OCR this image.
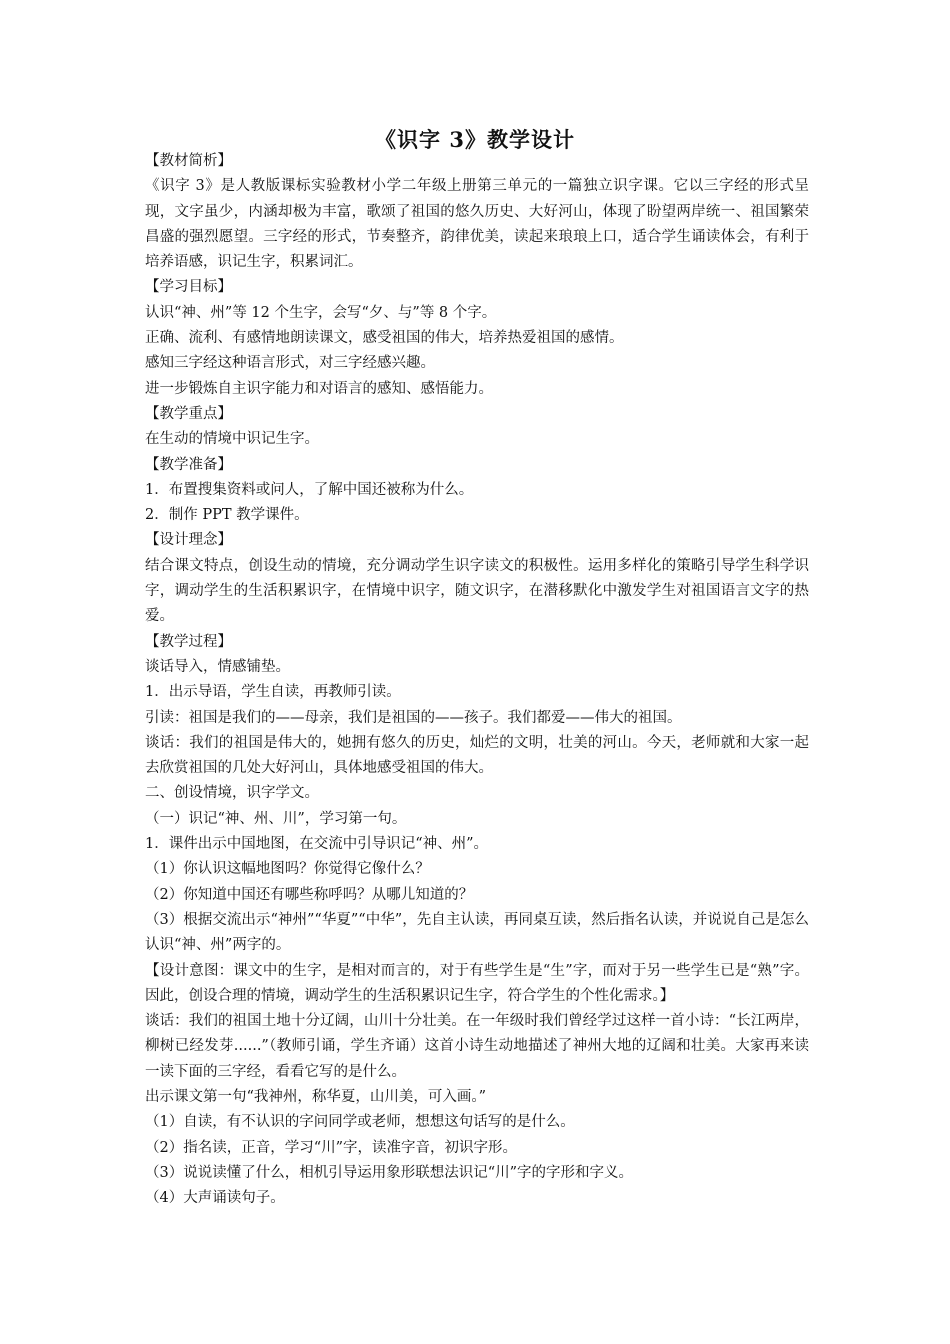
《识字 3》教学设计

【教材简析】

《识字 3》是人教版课标实验教材小学二年级上册第三单元的一篇独立识字课。它以三字经的形式呈现，文字虽少，内涵却极为丰富，歌颂了祖国的悠久历史、大好河山，体现了盼望两岸统一、祖国繁荣昌盛的强烈愿望。三字经的形式，节奏整齐，韵律优美，读起来琅琅上口，适合学生诵读体会，有利于培养语感，识记生字，积累词汇。

【学习目标】

认识“神、州”等 12 个生字，会写“夕、与”等 8 个字。

正确、流利、有感情地朗读课文，感受祖国的伟大，培养热爱祖国的感情。

感知三字经这种语言形式，对三字经感兴趣。

进一步锻炼自主识字能力和对语言的感知、感悟能力。

【教学重点】

在生动的情境中识记生字。

【教学准备】

1．布置搜集资料或问人，了解中国还被称为什么。

2．制作 PPT 教学课件。

【设计理念】

结合课文特点，创设生动的情境，充分调动学生识字读文的积极性。运用多样化的策略引导学生科学识字，调动学生的生活积累识字，在情境中识字，随文识字，在潜移默化中激发学生对祖国语言文字的热爱。

【教学过程】

谈话导入，情感铺垫。

1．出示导语，学生自读，再教师引读。

引读：祖国是我们的——母亲，我们是祖国的——孩子。我们都爱——伟大的祖国。

谈话：我们的祖国是伟大的，她拥有悠久的历史，灿烂的文明，壮美的河山。今天，老师就和大家一起去欣赏祖国的几处大好河山，具体地感受祖国的伟大。

二、创设情境，识字学文。

（一）识记“神、州、川”，学习第一句。

1．课件出示中国地图，在交流中引导识记“神、州”。

（1）你认识这幅地图吗？你觉得它像什么？

（2）你知道中国还有哪些称呼吗？从哪儿知道的？

（3）根据交流出示“神州”“华夏”“中华”，先自主认读，再同桌互读，然后指名认读，并说说自己是怎么认识“神、州”两字的。

【设计意图：课文中的生字，是相对而言的，对于有些学生是“生”字，而对于另一些学生已是“熟”字。因此，创设合理的情境，调动学生的生活积累识记生字，符合学生的个性化需求。】

谈话：我们的祖国土地十分辽阔，山川十分壮美。在一年级时我们曾经学过这样一首小诗：“长江两岸，柳树已经发芽......”（教师引诵，学生齐诵）这首小诗生动地描述了神州大地的辽阔和壮美。大家再来读一读下面的三字经，看看它写的是什么。

出示课文第一句“我神州，称华夏，山川美，可入画。”

（1）自读，有不认识的字问同学或老师，想想这句话写的是什么。

（2）指名读，正音，学习“川”字，读准字音，初识字形。

（3）说说读懂了什么，相机引导运用象形联想法识记“川”字的字形和字义。

（4）大声诵读句子。
